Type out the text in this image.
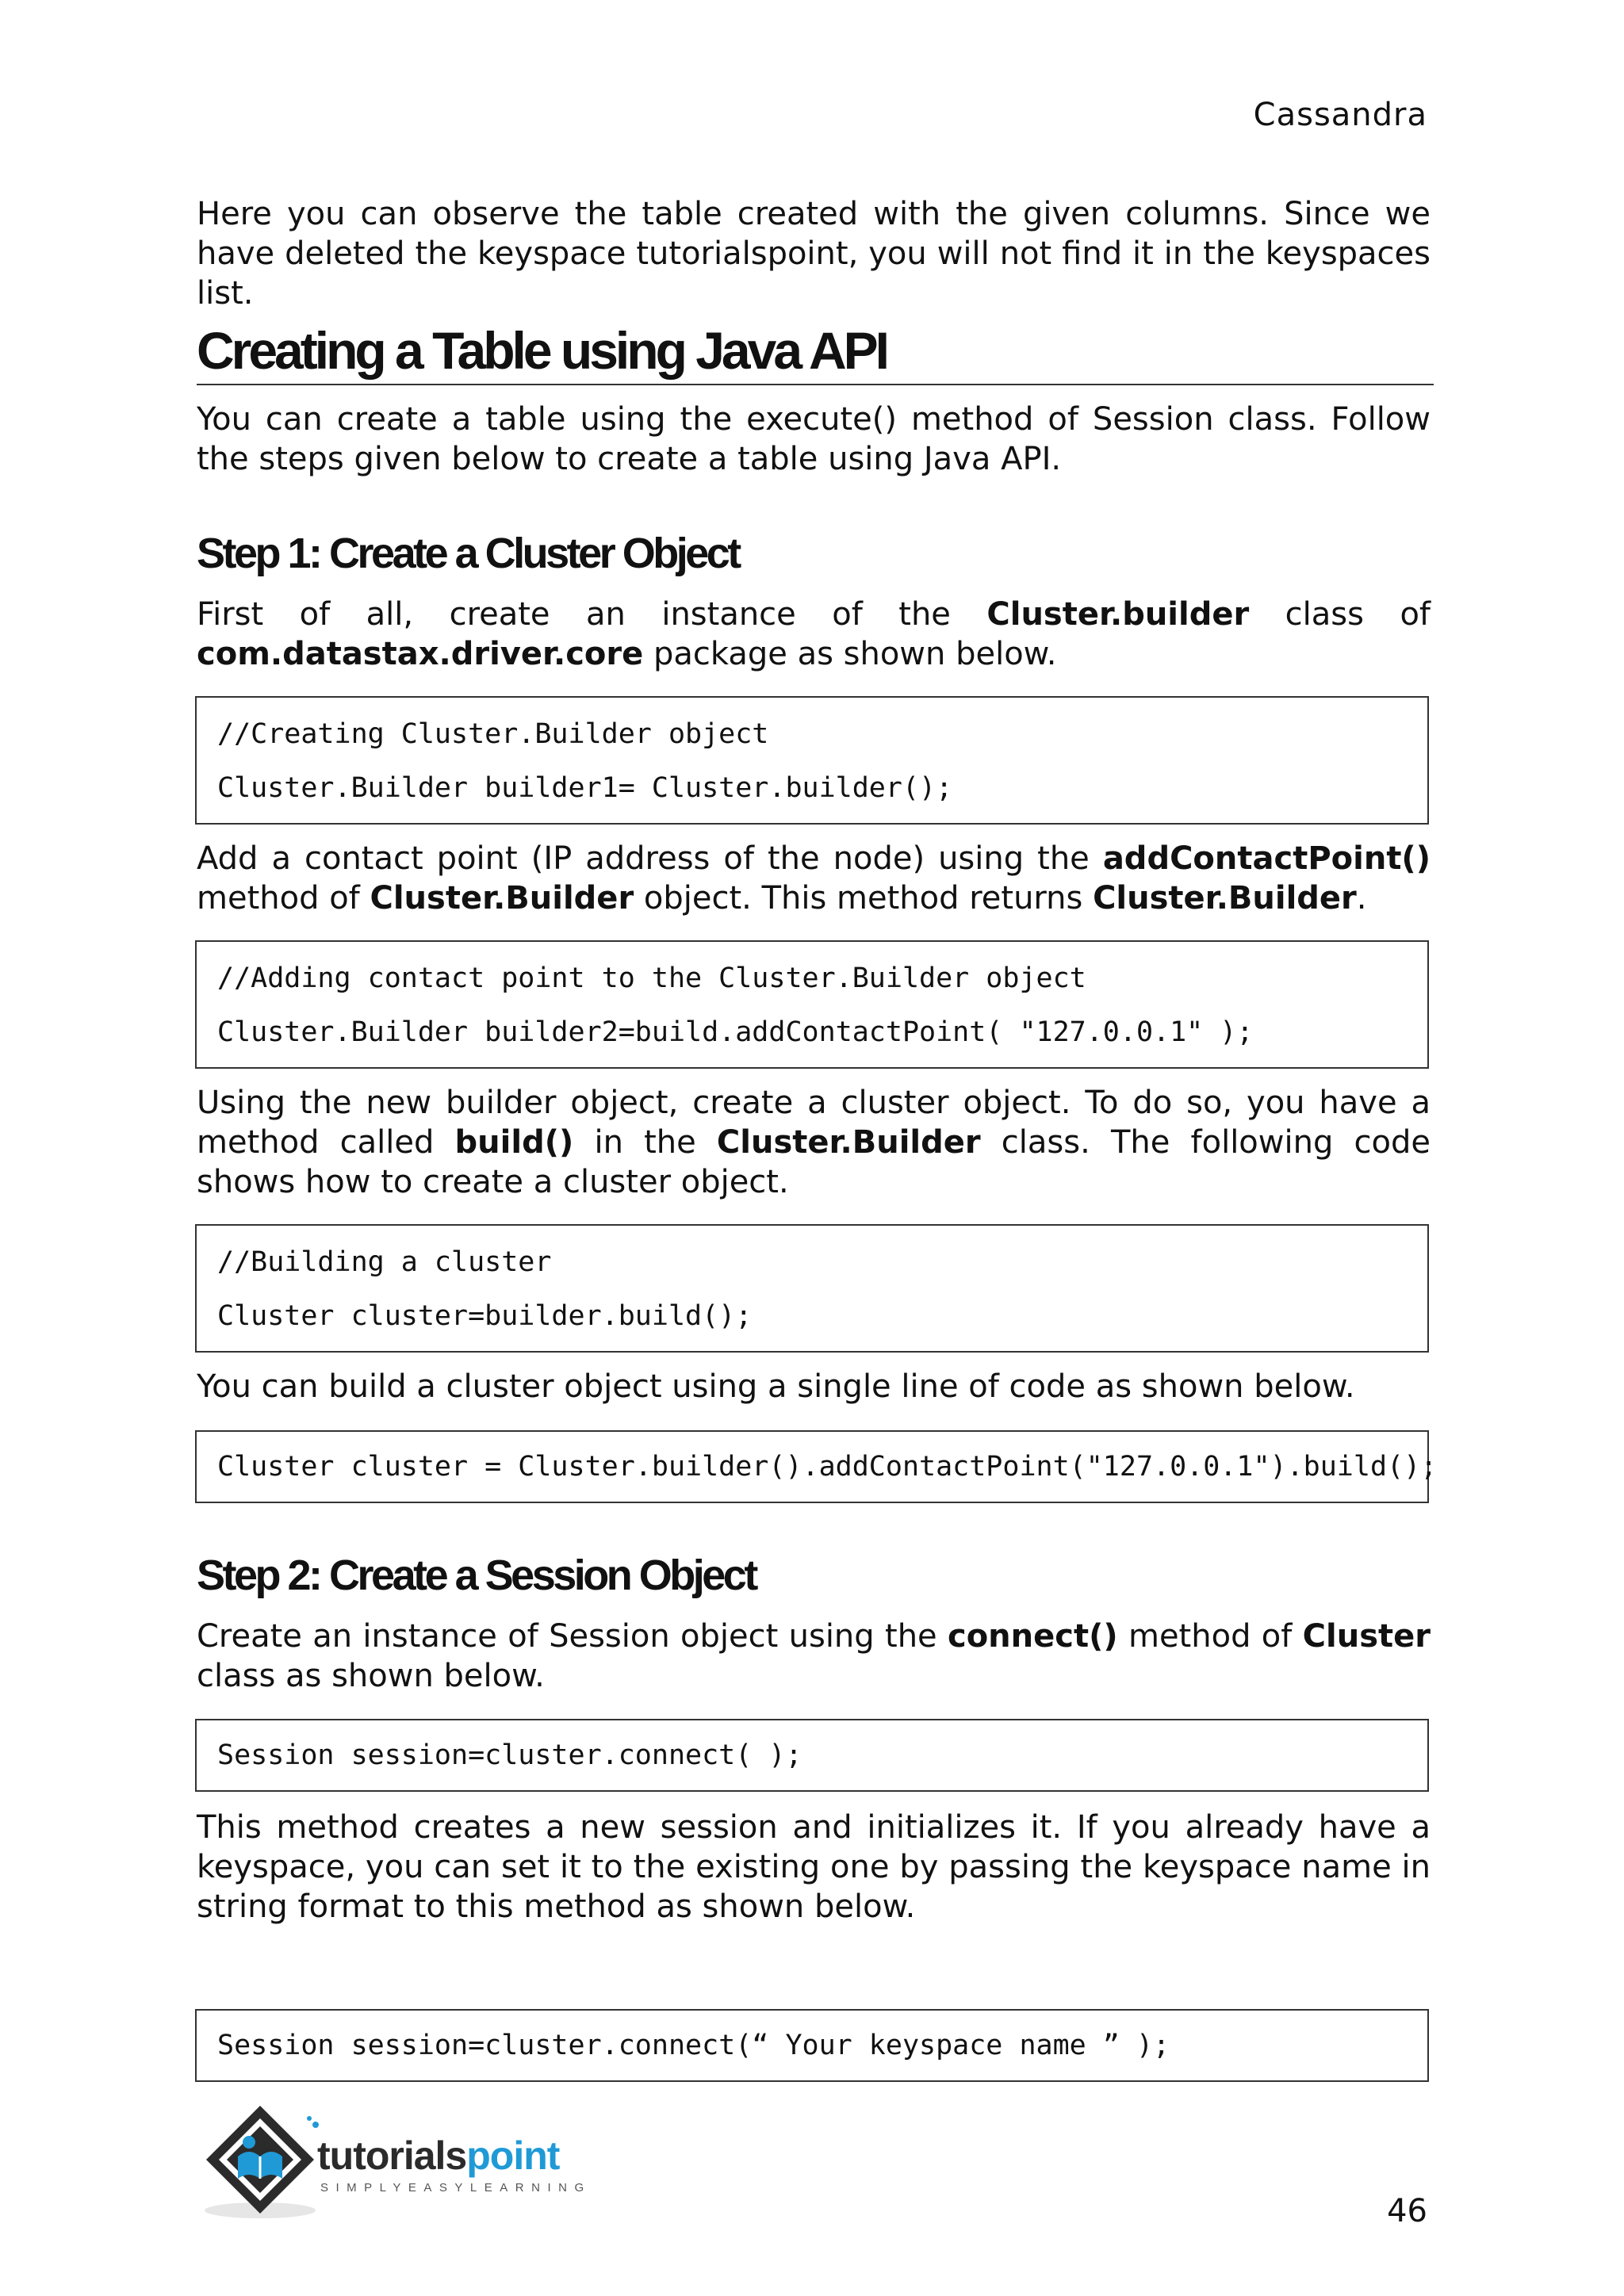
Cassandra

Here you can observe the table created with the given columns. Since we have deleted the keyspace tutorialspoint, you will not find it in the keyspaces list.

Creating a Table using Java API

You can create a table using the execute() method of Session class. Follow the steps given below to create a table using Java API.

Step 1: Create a Cluster Object
First of all, create an instance of the Cluster.builder class of
com.datastax.driver.core package as shown below.
//Creating Cluster.Builder object
Cluster.Builder builder1= Cluster.builder();

Add a contact point (IP address of the node) using the addContactPoint() method of Cluster.Builder object. This method returns Cluster.Builder.

//Adding contact point to the Cluster.Builder object
Cluster.Builder builder2=build.addContactPoint( "127.0.0.1" );

Using the new builder object, create a cluster object. To do so, you have a method called build() in the Cluster.Builder class. The following code shows how to create a cluster object.

//Building a cluster
Cluster cluster=builder.build();

You can build a cluster object using a single line of code as shown below.

Cluster cluster = Cluster.builder().addContactPoint("127.0.0.1").build();
Step 2: Create a Session Object

Create an instance of Session object using the connect() method of Cluster class as shown below.

Session session=cluster.connect( );

This method creates a new session and initializes it. If you already have a keyspace, you can set it to the existing one by passing the keyspace name in string format to this method as shown below.

Session session=cluster.connect(“ Your keyspace name ” );
tutorialspoint
SIMPLYEASYLEARNING
46
